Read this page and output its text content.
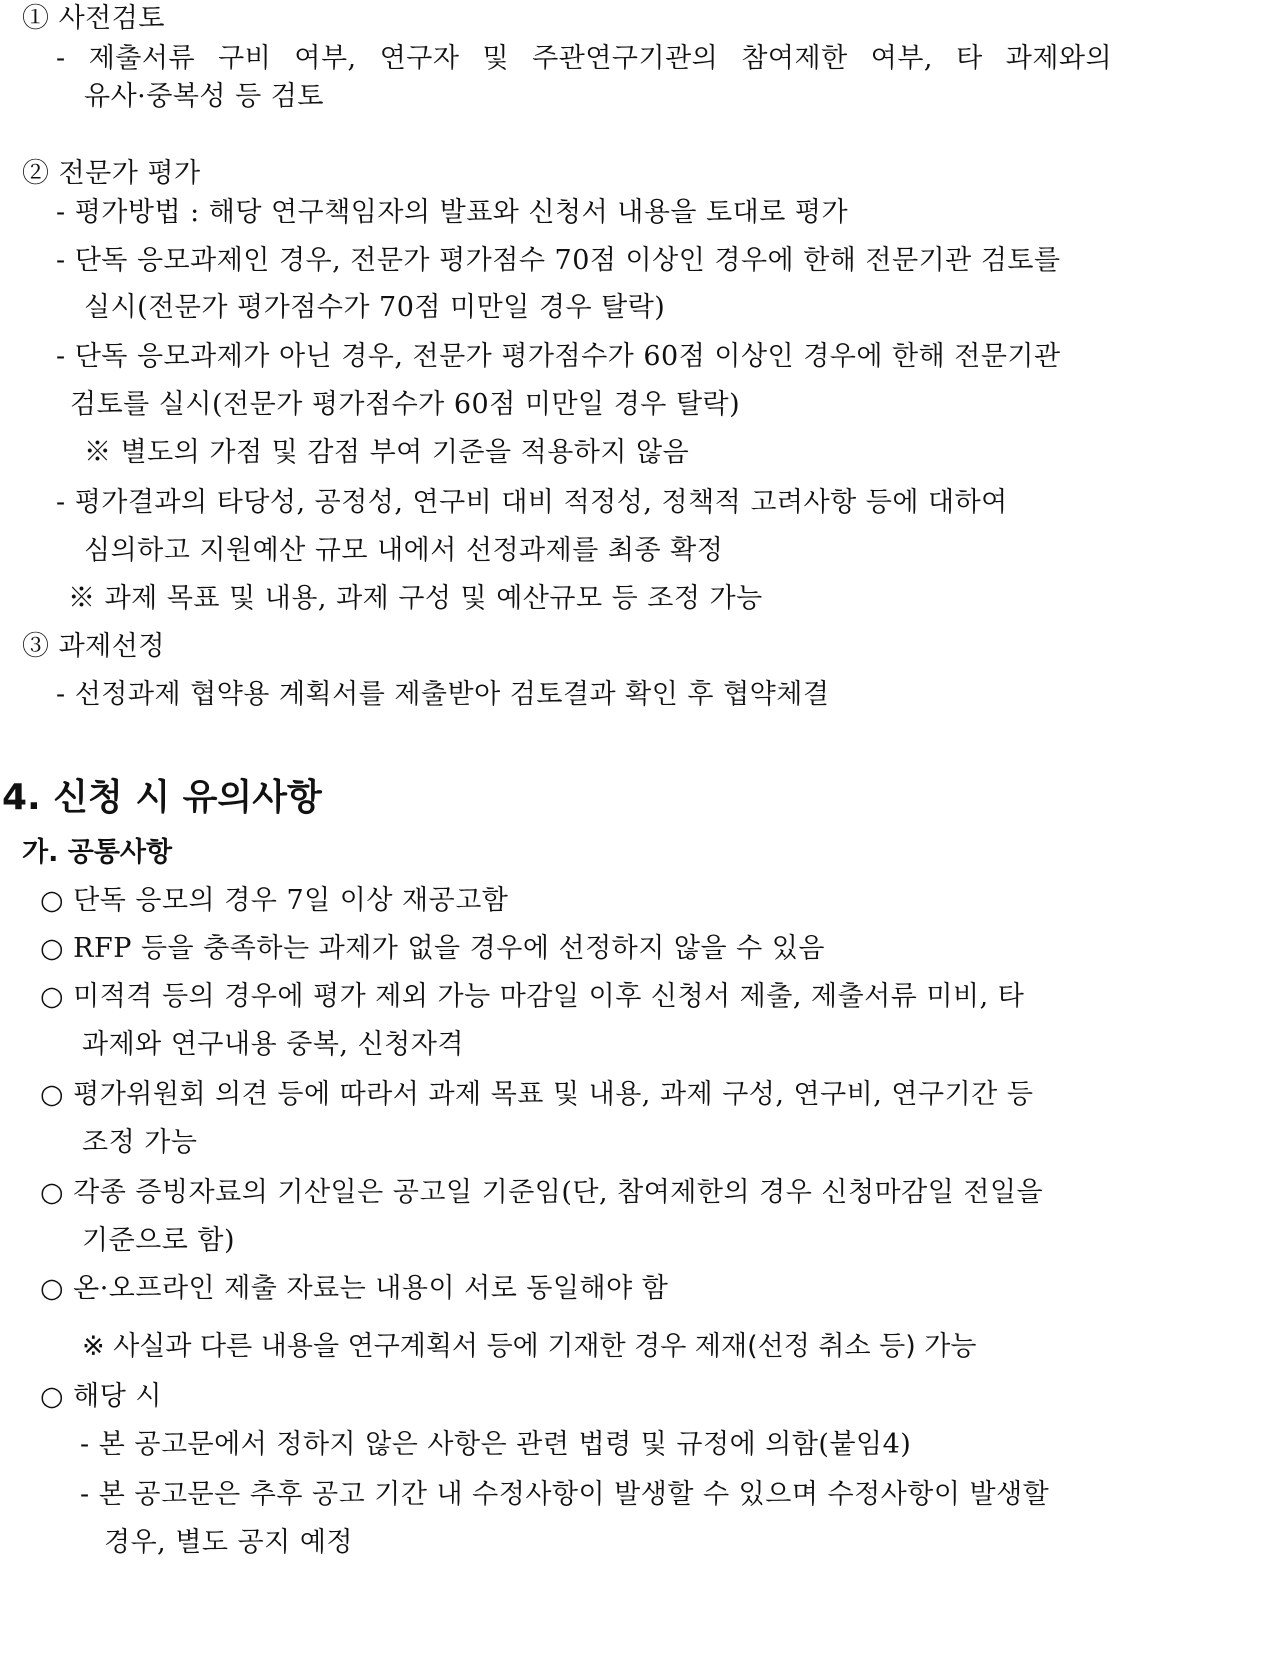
① 사전검토
- 제출서류 구비 여부, 연구자 및 주관연구기관의 참여제한 여부, 타 과제와의
유사·중복성 등 검토
② 전문가 평가
- 평가방법 : 해당 연구책임자의 발표와 신청서 내용을 토대로 평가
- 단독 응모과제인 경우, 전문가 평가점수 70점 이상인 경우에 한해 전문기관 검토를
실시(전문가 평가점수가 70점 미만일 경우 탈락)
- 단독 응모과제가 아닌 경우, 전문가 평가점수가 60점 이상인 경우에 한해 전문기관
검토를 실시(전문가 평가점수가 60점 미만일 경우 탈락)
※ 별도의 가점 및 감점 부여 기준을 적용하지 않음
- 평가결과의 타당성, 공정성, 연구비 대비 적정성, 정책적 고려사항 등에 대하여
심의하고 지원예산 규모 내에서 선정과제를 최종 확정
※ 과제 목표 및 내용, 과제 구성 및 예산규모 등 조정 가능
③ 과제선정
- 선정과제 협약용 계획서를 제출받아 검토결과 확인 후 협약체결
4. 신청 시 유의사항
가. 공통사항
○ 단독 응모의 경우 7일 이상 재공고함
○ RFP 등을 충족하는 과제가 없을 경우에 선정하지 않을 수 있음
○ 미적격 등의 경우에 평가 제외 가능 마감일 이후 신청서 제출, 제출서류 미비, 타
과제와 연구내용 중복, 신청자격
○ 평가위원회 의견 등에 따라서 과제 목표 및 내용, 과제 구성, 연구비, 연구기간 등
조정 가능
○ 각종 증빙자료의 기산일은 공고일 기준임(단, 참여제한의 경우 신청마감일 전일을
기준으로 함)
○ 온·오프라인 제출 자료는 내용이 서로 동일해야 함
※ 사실과 다른 내용을 연구계획서 등에 기재한 경우 제재(선정 취소 등) 가능
○ 해당 시
- 본 공고문에서 정하지 않은 사항은 관련 법령 및 규정에 의함(붙임4)
- 본 공고문은 추후 공고 기간 내 수정사항이 발생할 수 있으며 수정사항이 발생할
경우, 별도 공지 예정
